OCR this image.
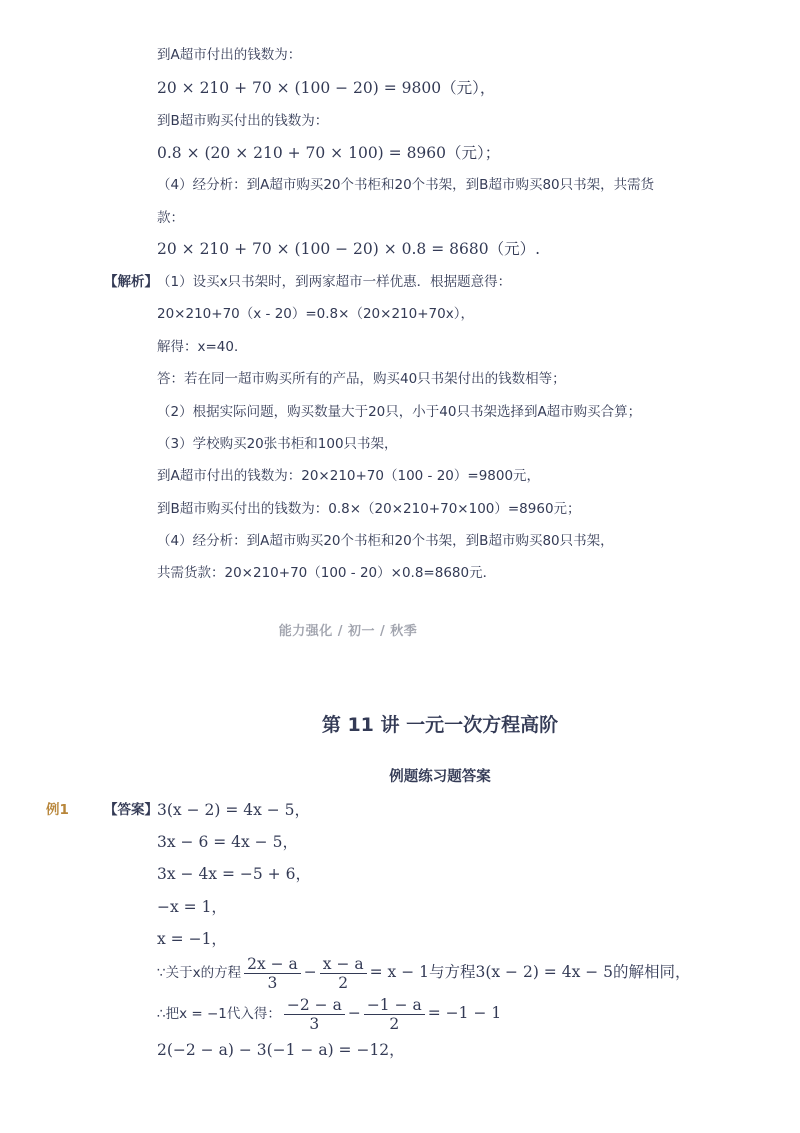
到A超市付出的钱数为：
20 × 210 + 70 × (100 − 20) = 9800（元），
到B超市购买付出的钱数为：
0.8 × (20 × 210 + 70 × 100) = 8960（元）；
（4）经分析：到A超市购买20个书柜和20个书架，到B超市购买80只书架，共需货
款：
20 × 210 + 70 × (100 − 20) × 0.8 = 8680（元）.
【解析】 （1）设买x只书架时，到两家超市一样优惠．根据题意得：
20×210+70（x - 20）=0.8×（20×210+70x），
解得：x=40．
答：若在同一超市购买所有的产品，购买40只书架付出的钱数相等；
（2）根据实际问题，购买数量大于20只，小于40只书架选择到A超市购买合算；
（3）学校购买20张书柜和100只书架，
到A超市付出的钱数为：20×210+70（100 - 20）=9800元，
到B超市购买付出的钱数为：0.8×（20×210+70×100）=8960元；
（4）经分析：到A超市购买20个书柜和20个书架，到B超市购买80只书架，
共需货款：20×210+70（100 - 20）×0.8=8680元．
能力强化 / 初一 / 秋季
第 11 讲 一元一次方程高阶
例题练习题答案
例1	【答案】 3(x − 2) = 4x − 5，
3x − 6 = 4x − 5，
3x − 4x = −5 + 6，
−x = 1，
x = −1，
∵关于x的方程 $\frac{2x - a}{3} - \frac{x - a}{2} = x - 1$与方程3(x − 2) = 4x − 5的解相同，
∴把x = −1代入得： $\frac{-2 - a}{3} - \frac{-1 - a}{2} = -1 - 1$
2(−2 − a) − 3(−1 − a) = −12，
